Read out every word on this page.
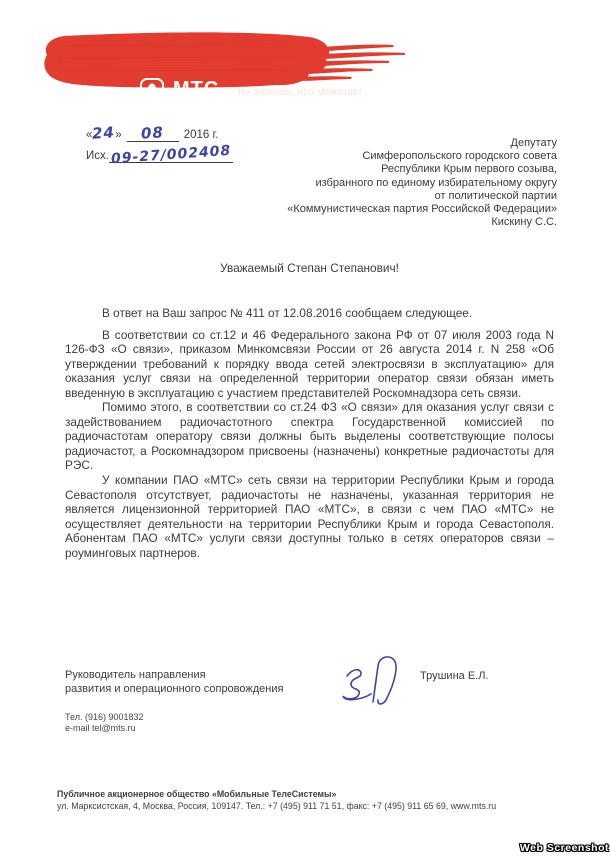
МТС Ты знаешь, что можешь!
«24» 08 2016 г.
Исх. 09-27/002408	Депутату
Симферопольского городского совета
Республики Крым первого созыва,
избранного по единому избирательному округу
от политической партии
«Коммунистическая партия Российской Федерации»
Кискину С.С.
Уважаемый Степан Степанович!

В ответ на Ваш запрос № 411 от 12.08.2016 сообщаем следующее.

В соответствии со ст.12 и 46 Федерального закона РФ от 07 июля 2003 года N 126-ФЗ «О связи», приказом Минкомсвязи России от 26 августа 2014 г. N 258 «Об утверждении требований к порядку ввода сетей электросвязи в эксплуатацию» для оказания услуг связи на определенной территории оператор связи обязан иметь введенную в эксплуатацию с участием представителей Роскомнадзора сеть связи.

Помимо этого, в соответствии со ст.24 ФЗ «О связи» для оказания услуг связи с задействованием радиочастотного спектра Государственной комиссией по радиочастотам оператору связи должны быть выделены соответствующие полосы радиочастот, а Роскомнадзором присвоены (назначены) конкретные радиочастоты для РЭС.

У компании ПАО «МТС» сеть связи на территории Республики Крым и города Севастополя отсутствует, радиочастоты не назначены, указанная территория не является лицензионной территорией ПАО «МТС», в связи с чем ПАО «МТС» не осуществляет деятельности на территории Республики Крым и города Севастополя. Абонентам ПАО «МТС» услуги связи доступны только в сетях операторов связи – роуминговых партнеров.

Руководитель направления
развития и операционного сопровождения
Трушина Е.Л.
Тел. (916) 9001832
e-mail tel@mts.ru
Публичное акционерное общество «Мобильные ТелеСистемы»
ул. Марксистская, 4, Москва, Россия, 109147. Тел.: +7 (495) 911 71 51, факс: +7 (495) 911 65 69, www.mts.ru
Web Screenshot
